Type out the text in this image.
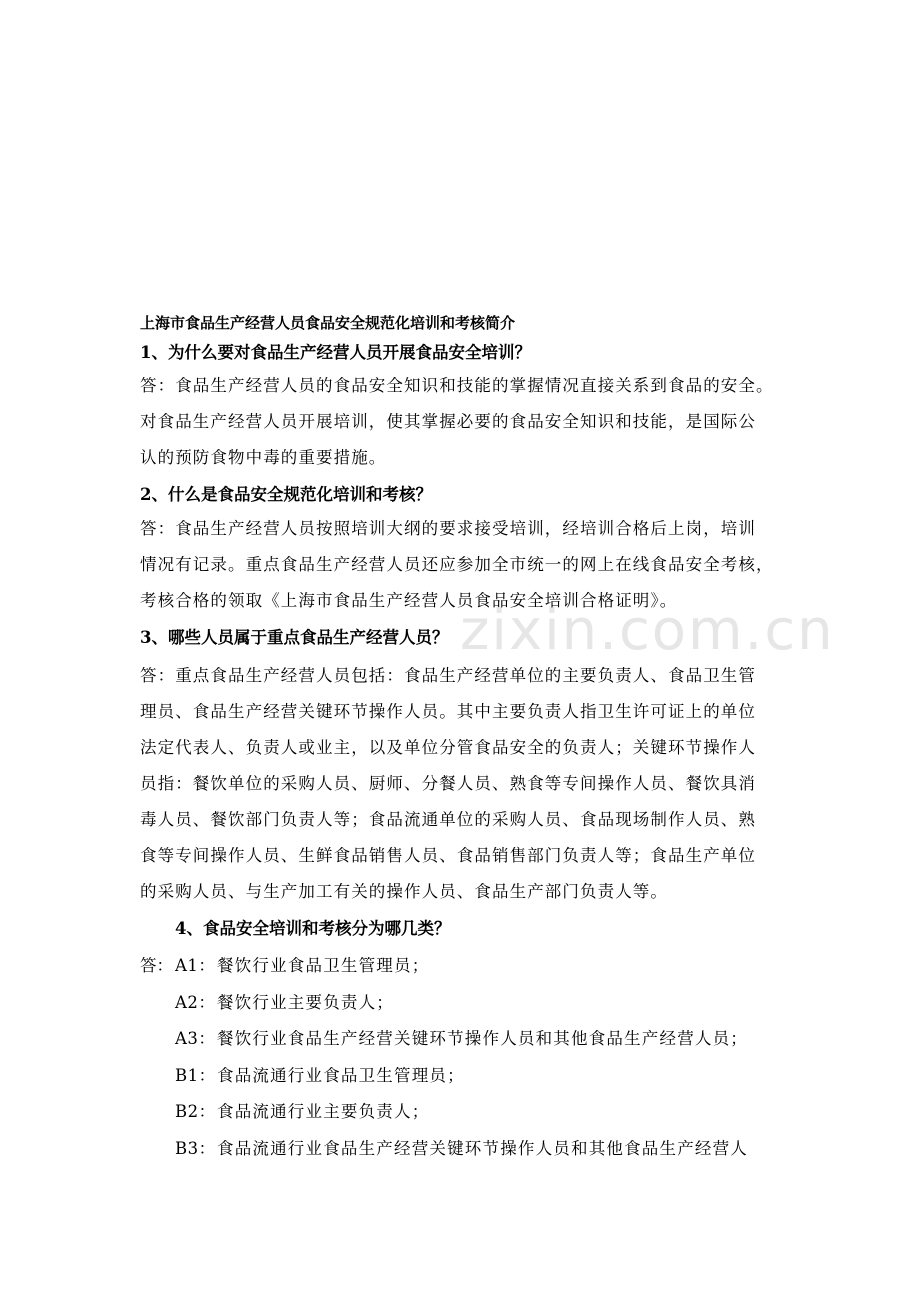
zixin.com.cn
上海市食品生产经营人员食品安全规范化培训和考核简介
1、为什么要对食品生产经营人员开展食品安全培训？
答：食品生产经营人员的食品安全知识和技能的掌握情况直接关系到食品的安全。
对食品生产经营人员开展培训，使其掌握必要的食品安全知识和技能，是国际公
认的预防食物中毒的重要措施。
2、什么是食品安全规范化培训和考核？
答：食品生产经营人员按照培训大纲的要求接受培训，经培训合格后上岗，培训
情况有记录。重点食品生产经营人员还应参加全市统一的网上在线食品安全考核，
考核合格的领取《上海市食品生产经营人员食品安全培训合格证明》。
3、哪些人员属于重点食品生产经营人员？
答：重点食品生产经营人员包括：食品生产经营单位的主要负责人、食品卫生管
理员、食品生产经营关键环节操作人员。其中主要负责人指卫生许可证上的单位
法定代表人、负责人或业主，以及单位分管食品安全的负责人；关键环节操作人
员指：餐饮单位的采购人员、厨师、分餐人员、熟食等专间操作人员、餐饮具消
毒人员、餐饮部门负责人等；食品流通单位的采购人员、食品现场制作人员、熟
食等专间操作人员、生鲜食品销售人员、食品销售部门负责人等；食品生产单位
的采购人员、与生产加工有关的操作人员、食品生产部门负责人等。
4、食品安全培训和考核分为哪几类？
答： A1：餐饮行业食品卫生管理员；
A2：餐饮行业主要负责人；
A3：餐饮行业食品生产经营关键环节操作人员和其他食品生产经营人员；
B1：食品流通行业食品卫生管理员；
B2：食品流通行业主要负责人；
B3：食品流通行业食品生产经营关键环节操作人员和其他食品生产经营人
